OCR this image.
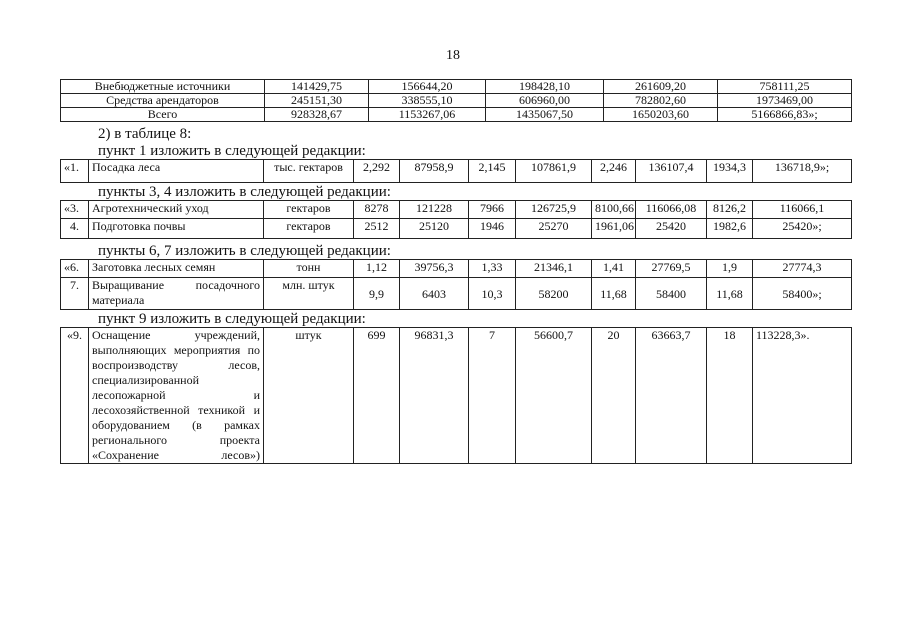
18
Внебюджетные источники	141429,75	156644,20	198428,10	261609,20	758111,25
Средства арендаторов	245151,30	338555,10	606960,00	782802,60	1973469,00
Всего	928328,67	1153267,06	1435067,50	1650203,60	5166866,83»;
2) в таблице 8:
пункт 1 изложить в следующей редакции:
«1.	Посадка леса	тыс. гектаров	2,292	87958,9	2,145	107861,9	2,246	136107,4	1934,3	136718,9»;
пункты 3, 4 изложить в следующей редакции:
«3.	Агротехнический уход	гектаров	8278	121228	7966	126725,9	8100,66	116066,08	8126,2	116066,1
4.	Подготовка почвы	гектаров	2512	25120	1946	25270	1961,06	25420	1982,6	25420»;
пункты 6, 7 изложить в следующей редакции:
«6.	Заготовка лесных семян	тонн	1,12	39756,3	1,33	21346,1	1,41	27769,5	1,9	27774,3
7.	Выращивание посадочного материала	млн. штук	9,9	6403	10,3	58200	11,68	58400	11,68	58400»;
пункт 9 изложить в следующей редакции:
«9.	Оснащение учреждений, выполняющих мероприятия по воспроизводству лесов, специализированной лесопожарной и лесохозяйственной техникой и оборудованием (в рамках регионального проекта «Сохранение лесов»)	штук	699	96831,3	7	56600,7	20	63663,7	18	113228,3».
